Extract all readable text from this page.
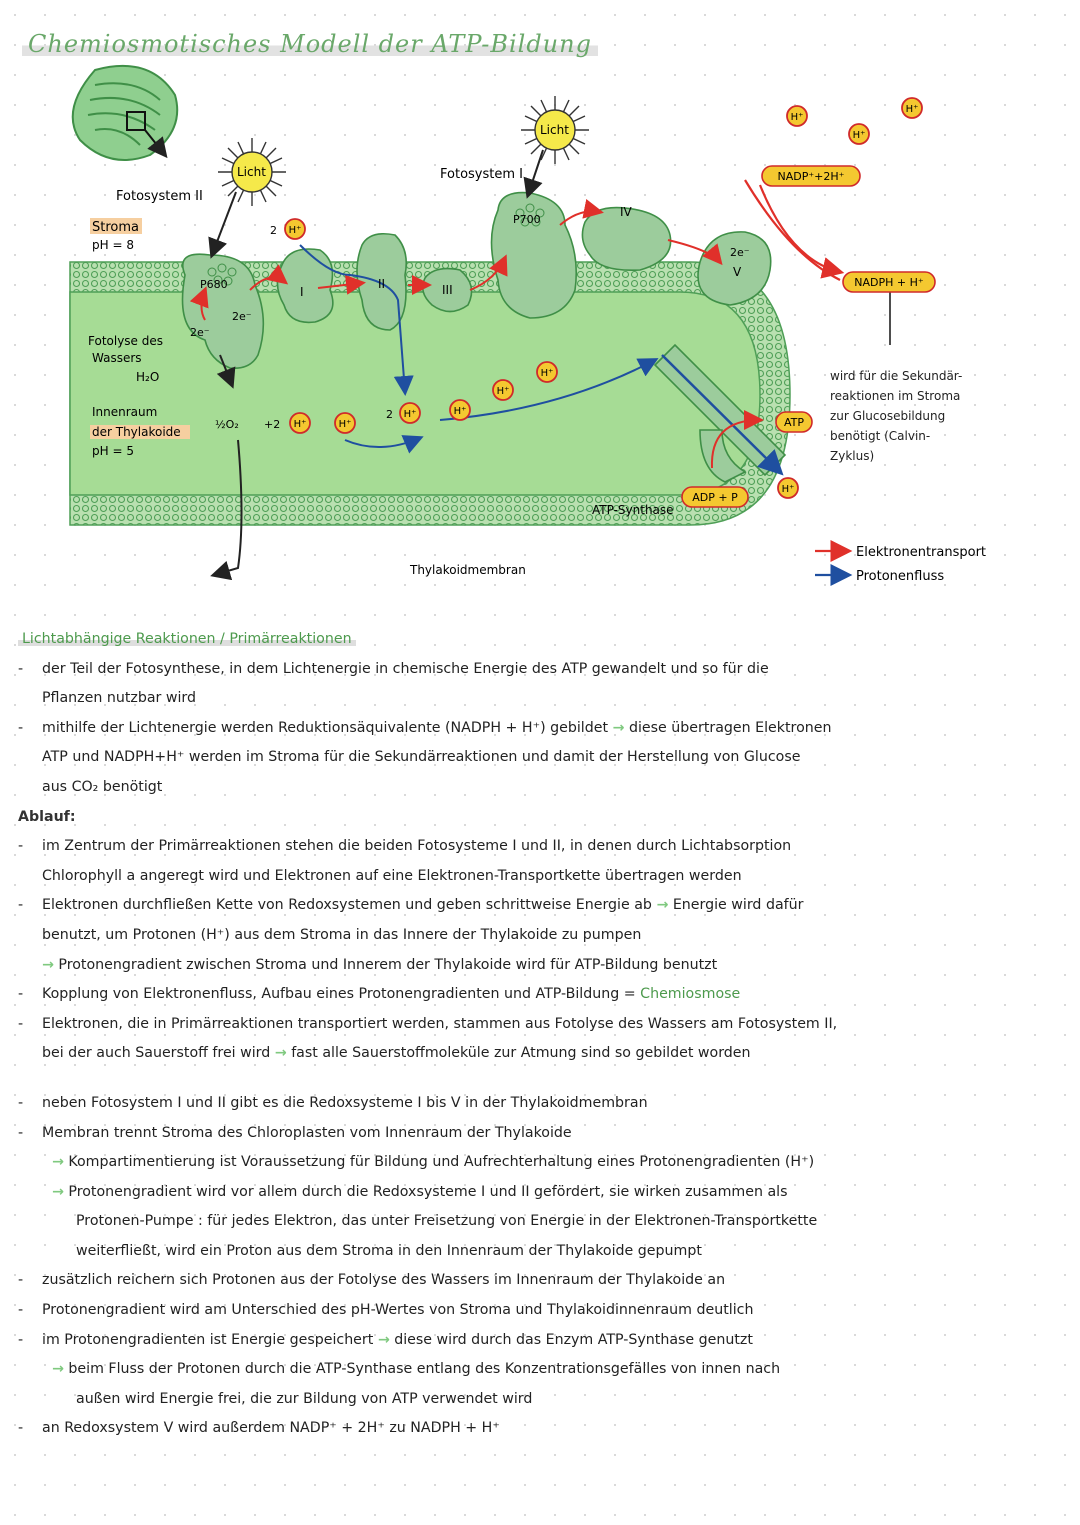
Chemiosmotisches Modell der ATP-Bildung
H⁺
H⁺	H⁺
H⁺	H⁺
H⁺
H⁺
H⁺
H⁺
H⁺
H⁺
NADP⁺+2H⁺
NADPH + H⁺
ATP
ADP + P
Fotosystem II
Fotosystem I
Stroma
pH = 8
Fotolyse des
Wassers
H₂O
Innenraum
der Thylakoide
pH = 5
Licht
Licht
P680
P700
2e⁻
2e⁻
2e⁻
½O₂ +2
2
2
I
II	III
IV
V
ATP-Synthase
Thylakoidmembran
Elektronentransport
Protonenfluss
wird für die Sekundär-
reaktionen im Stroma
zur Glucosebildung
benötigt (Calvin-
Zyklus)
Lichtabhängige Reaktionen / Primärreaktionen
- der Teil der Fotosynthese, in dem Lichtenergie in chemische Energie des ATP gewandelt und so für die
Pflanzen nutzbar wird
- mithilfe der Lichtenergie werden Reduktionsäquivalente (NADPH + H⁺) gebildet → diese übertragen Elektronen
ATP und NADPH+H⁺ werden im Stroma für die Sekundärreaktionen und damit der Herstellung von Glucose
aus CO₂ benötigt
Ablauf:
- im Zentrum der Primärreaktionen stehen die beiden Fotosysteme I und II, in denen durch Lichtabsorption
Chlorophyll a angeregt wird und Elektronen auf eine Elektronen-Transportkette übertragen werden
- Elektronen durchfließen Kette von Redoxsystemen und geben schrittweise Energie ab → Energie wird dafür
benutzt, um Protonen (H⁺) aus dem Stroma in das Innere der Thylakoide zu pumpen
→ Protonengradient zwischen Stroma und Innerem der Thylakoide wird für ATP-Bildung benutzt
- Kopplung von Elektronenfluss, Aufbau eines Protonengradienten und ATP-Bildung = Chemiosmose
- Elektronen, die in Primärreaktionen transportiert werden, stammen aus Fotolyse des Wassers am Fotosystem II,
bei der auch Sauerstoff frei wird → fast alle Sauerstoffmoleküle zur Atmung sind so gebildet worden
- neben Fotosystem I und II gibt es die Redoxsysteme I bis V in der Thylakoidmembran
- Membran trennt Stroma des Chloroplasten vom Innenraum der Thylakoide
→ Kompartimentierung ist Voraussetzung für Bildung und Aufrechterhaltung eines Protonengradienten (H⁺)
→ Protonengradient wird vor allem durch die Redoxsysteme I und II gefördert, sie wirken zusammen als
Protonen-Pumpe : für jedes Elektron, das unter Freisetzung von Energie in der Elektronen-Transportkette
weiterfließt, wird ein Proton aus dem Stroma in den Innenraum der Thylakoide gepumpt
- zusätzlich reichern sich Protonen aus der Fotolyse des Wassers im Innenraum der Thylakoide an
- Protonengradient wird am Unterschied des pH-Wertes von Stroma und Thylakoidinnenraum deutlich
- im Protonengradienten ist Energie gespeichert → diese wird durch das Enzym ATP-Synthase genutzt
→ beim Fluss der Protonen durch die ATP-Synthase entlang des Konzentrationsgefälles von innen nach
außen wird Energie frei, die zur Bildung von ATP verwendet wird
- an Redoxsystem V wird außerdem NADP⁺ + 2H⁺ zu NADPH + H⁺
